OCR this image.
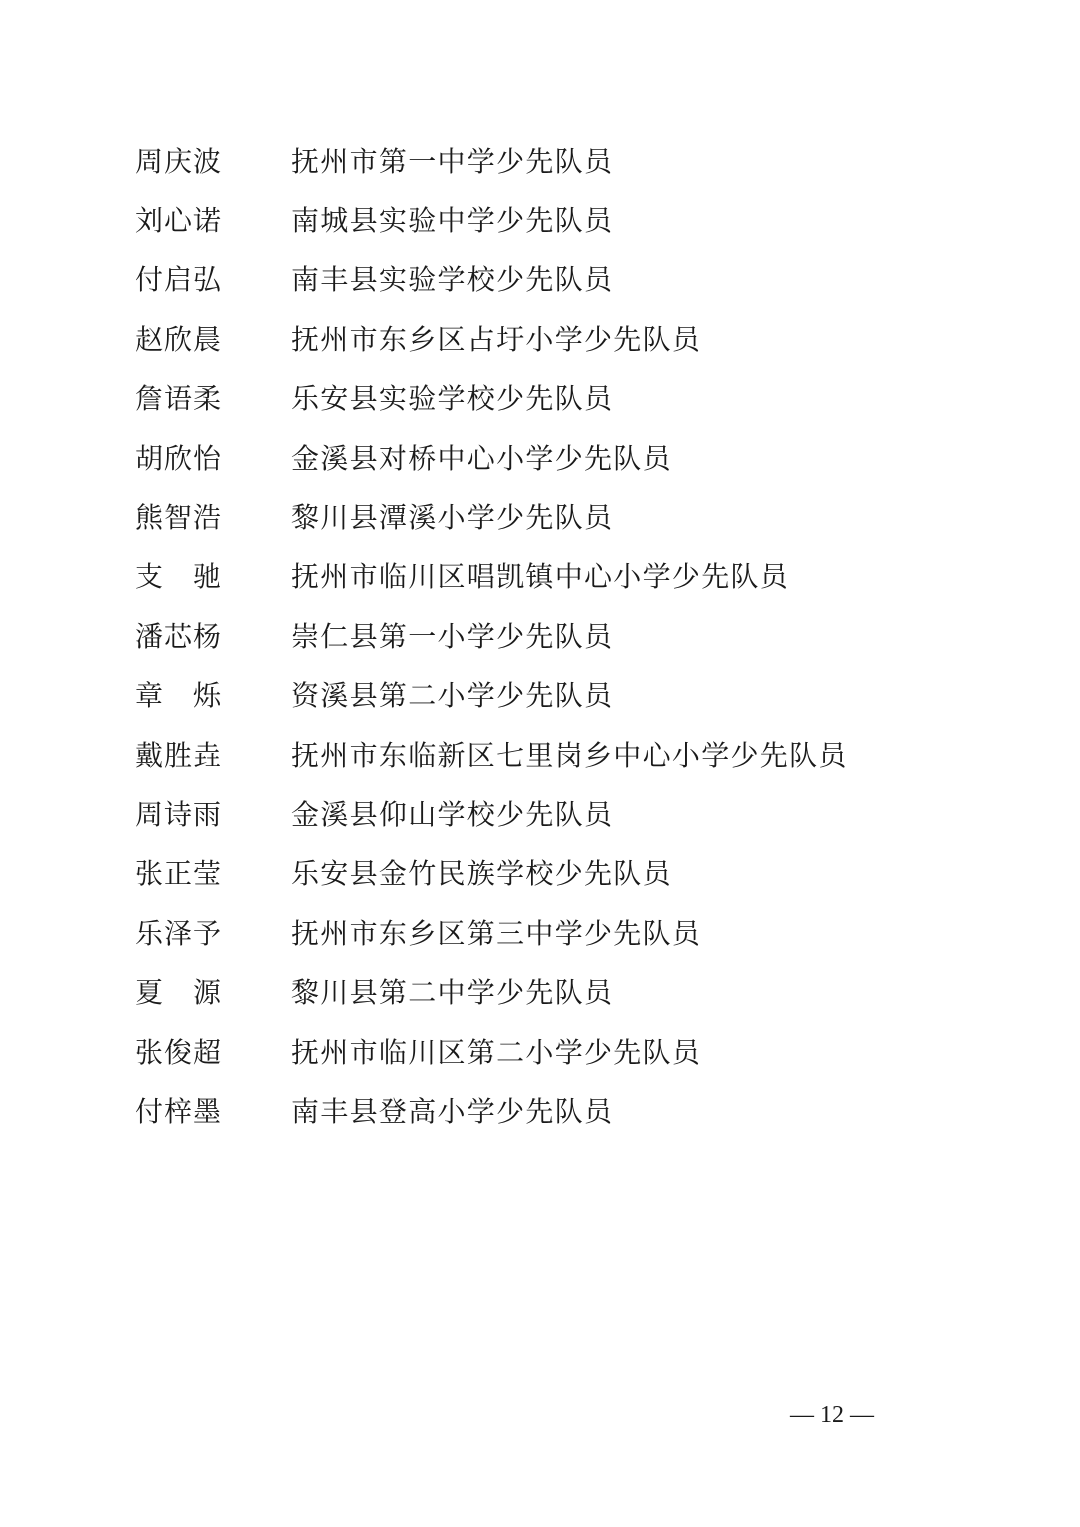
周 庆 波	抚州市第一中学少先队员
刘 心 诺	南城县实验中学少先队员
付 启 弘	南丰县实验学校少先队员
赵 欣 晨	抚州市东乡区占圩小学少先队员
詹 语 柔	乐安县实验学校少先队员
胡 欣 怡	金溪县对桥中心小学少先队员
熊 智 浩	黎川县潭溪小学少先队员
支 驰	抚州市临川区唱凯镇中心小学少先队员
潘 芯 杨	崇仁县第一小学少先队员
章 烁	资溪县第二小学少先队员
戴 胜 垚	抚州市东临新区七里岗乡中心小学少先队员
周 诗 雨	金溪县仰山学校少先队员
张 正 莹	乐安县金竹民族学校少先队员
乐 泽 予	抚州市东乡区第三中学少先队员
夏 源	黎川县第二中学少先队员
张 俊 超	抚州市临川区第二小学少先队员
付 梓 墨	南丰县登高小学少先队员
— 12 —
